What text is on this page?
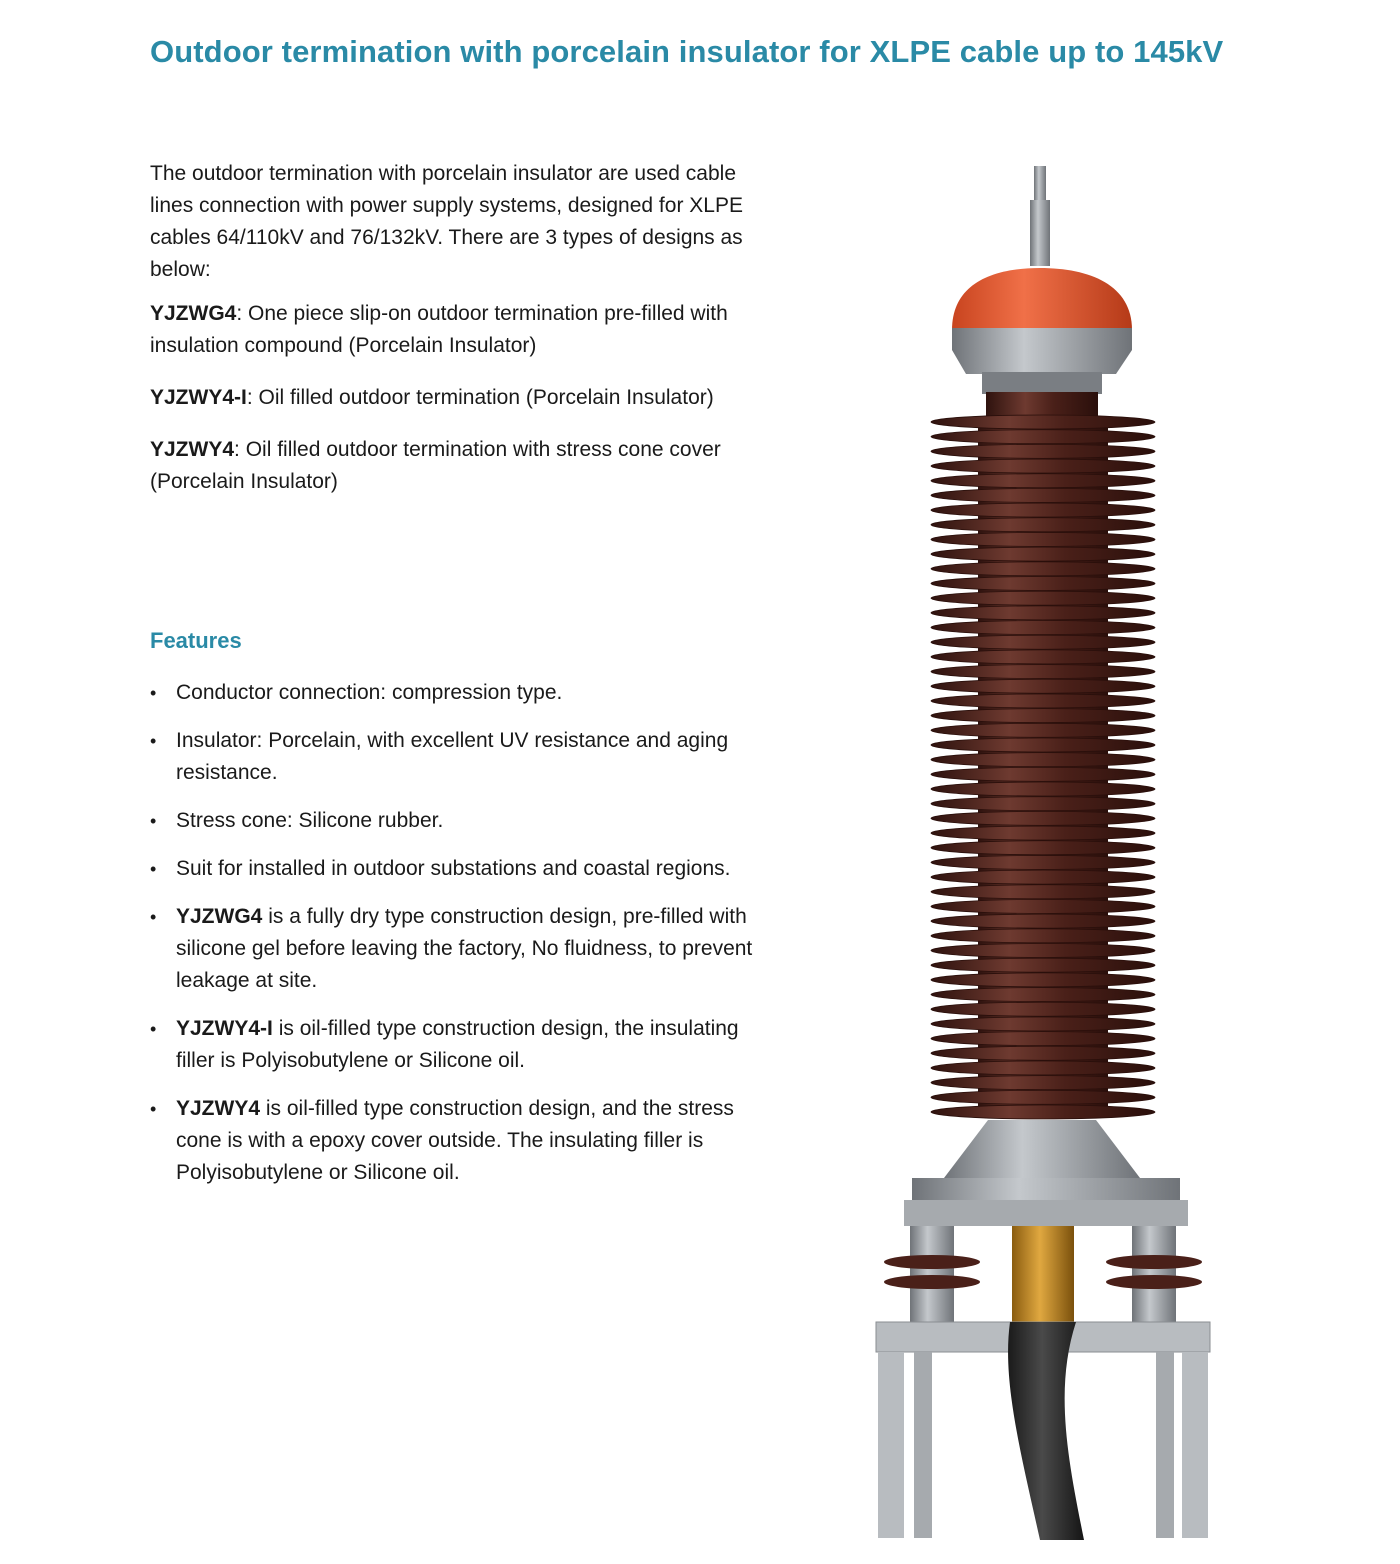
Outdoor termination with porcelain insulator for XLPE cable up to 145kV

The outdoor termination with porcelain insulator are used cable lines connection with power supply systems, designed for XLPE cables 64/110kV and 76/132kV. There are 3 types of designs as below:

YJZWG4: One piece slip-on outdoor termination pre-filled with insulation compound (Porcelain Insulator)

YJZWY4-I: Oil filled outdoor termination (Porcelain Insulator)

YJZWY4: Oil filled outdoor termination with stress cone cover (Porcelain Insulator)

Features
• Conductor connection: compression type.
• Insulator: Porcelain, with excellent UV resistance and aging resistance.
• Stress cone: Silicone rubber.
• Suit for installed in outdoor substations and coastal regions.
• YJZWG4 is a fully dry type construction design, pre-filled with silicone gel before leaving the factory, No fluidness, to prevent leakage at site.
• YJZWY4-I is oil-filled type construction design, the insulating filler is Polyisobutylene or Silicone oil.
• YJZWY4 is oil-filled type construction design, and the stress cone is with a epoxy cover outside. The insulating filler is Polyisobutylene or Silicone oil.
